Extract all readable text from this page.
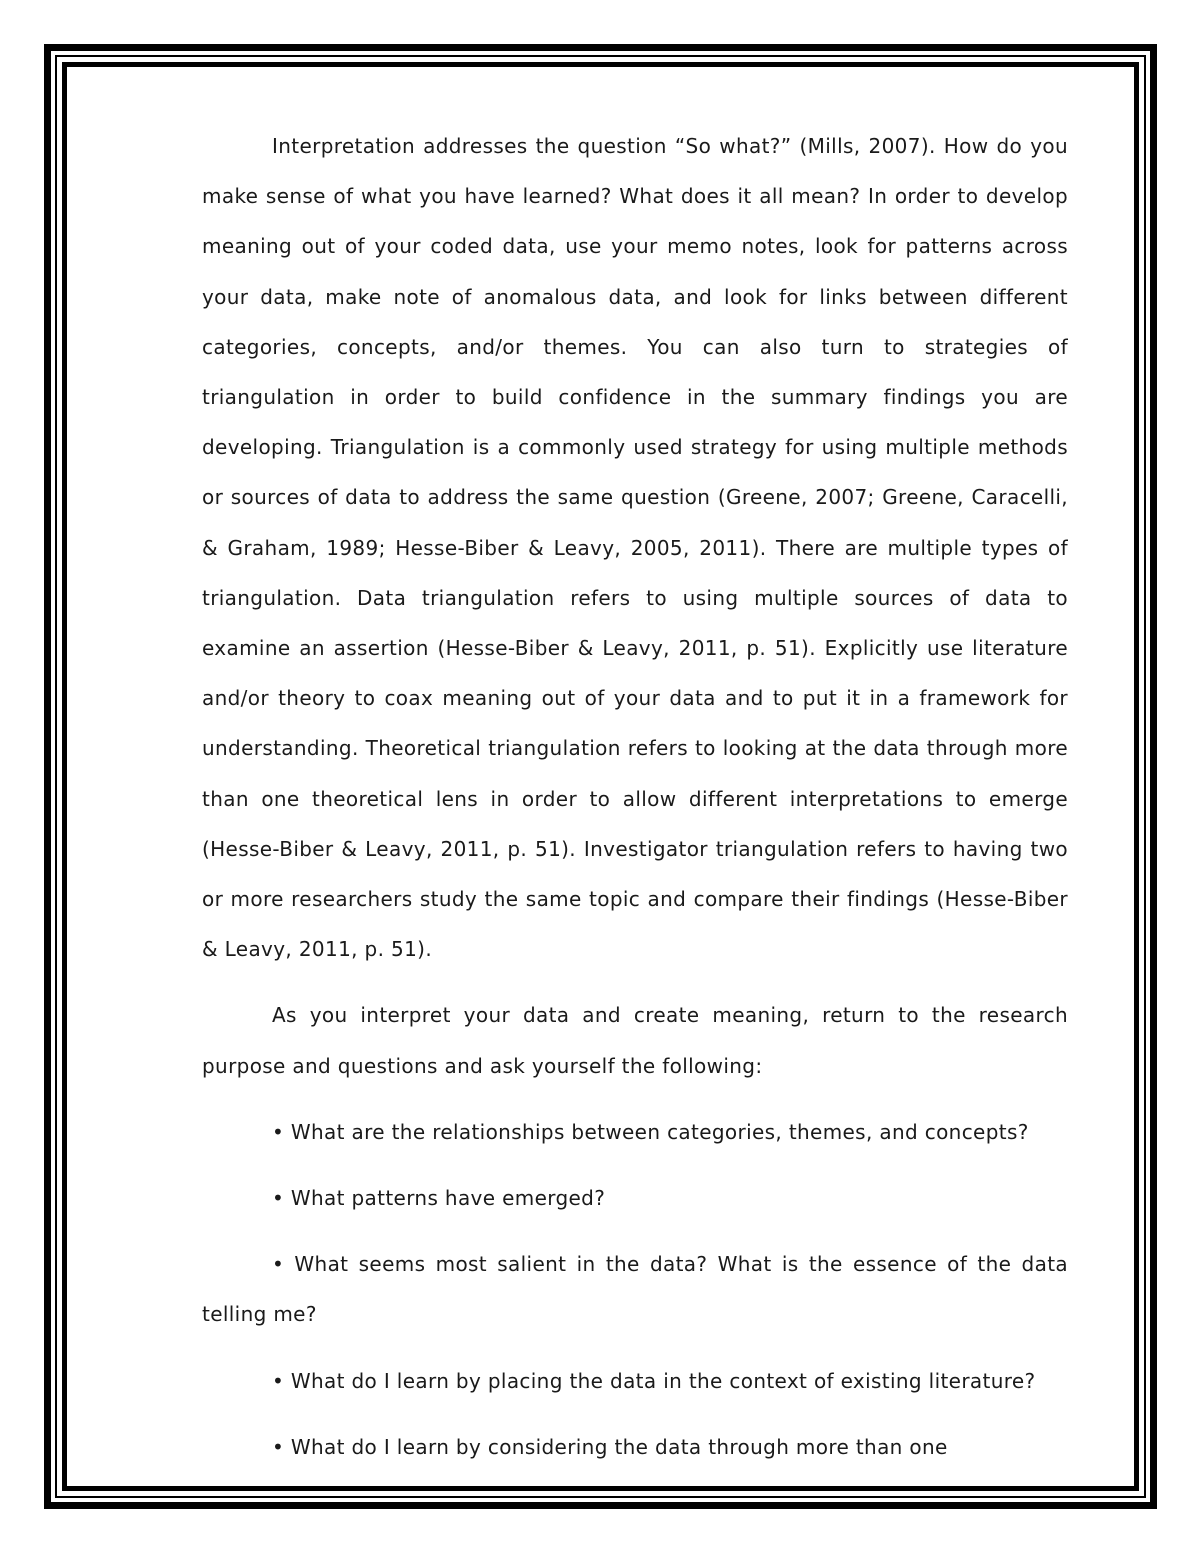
Interpretation addresses the question “So what?” (Mills, 2007). How do you make sense of what you have learned? What does it all mean? In order to develop meaning out of your coded data, use your memo notes, look for patterns across your data, make note of anomalous data, and look for links between different categories, concepts, and/or themes. You can also turn to strategies of triangulation in order to build confidence in the summary findings you are developing. Triangulation is a commonly used strategy for using multiple methods or sources of data to address the same question (Greene, 2007; Greene, Caracelli, & Graham, 1989; Hesse-Biber & Leavy, 2005, 2011). There are multiple types of triangulation. Data triangulation refers to using multiple sources of data to examine an assertion (Hesse-Biber & Leavy, 2011, p. 51). Explicitly use literature and/or theory to coax meaning out of your data and to put it in a framework for understanding. Theoretical triangulation refers to looking at the data through more than one theoretical lens in order to allow different interpretations to emerge (Hesse-Biber & Leavy, 2011, p. 51). Investigator triangulation refers to having two or more researchers study the same topic and compare their findings (Hesse-Biber & Leavy, 2011, p. 51).

As you interpret your data and create meaning, return to the research purpose and questions and ask yourself the following:

• What are the relationships between categories, themes, and concepts?

• What patterns have emerged?

• What seems most salient in the data? What is the essence of the data telling me?

• What do I learn by placing the data in the context of existing literature?

• What do I learn by considering the data through more than one
